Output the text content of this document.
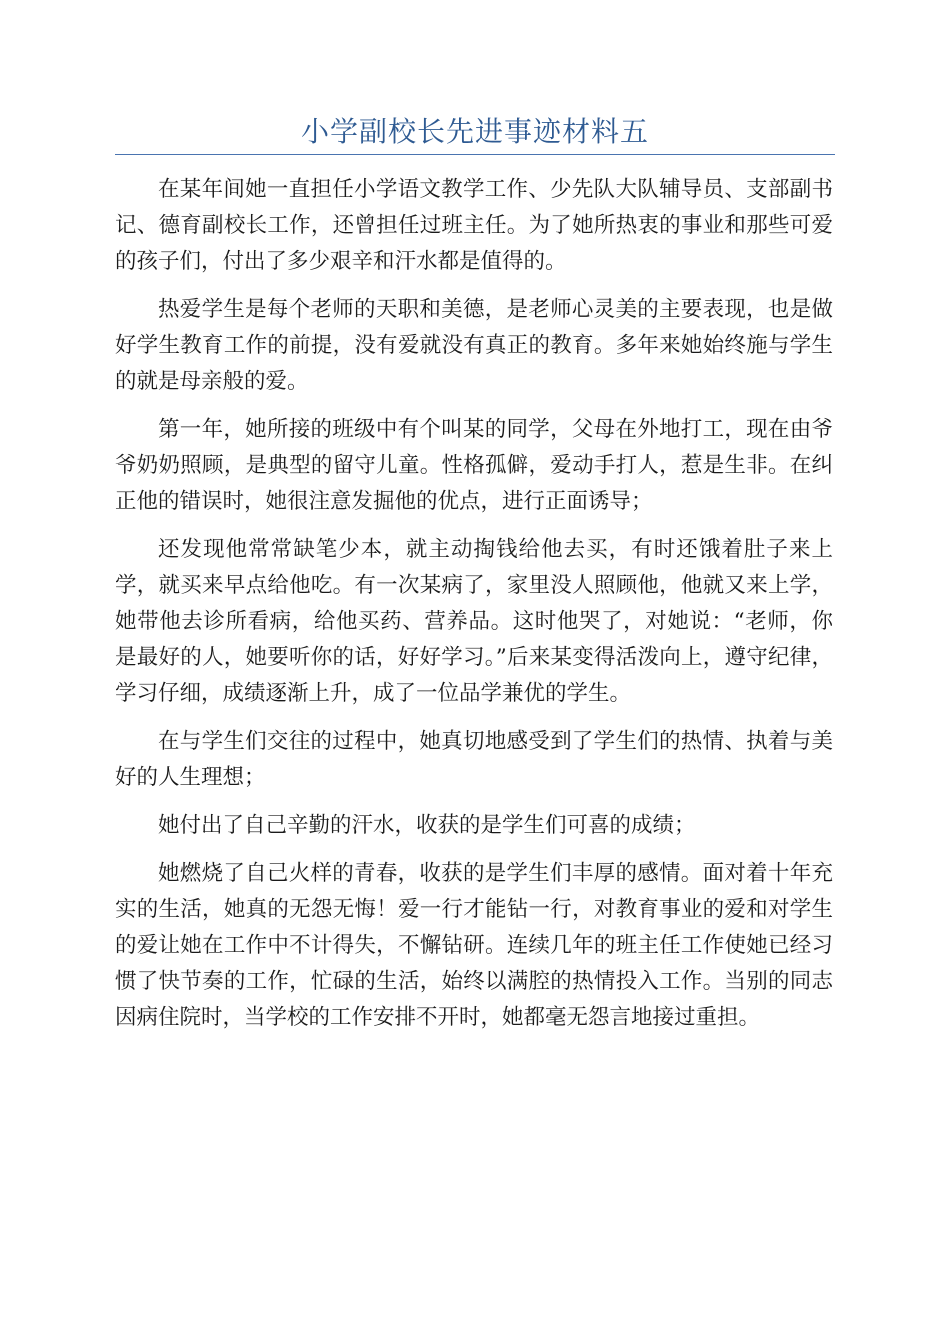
小学副校长先进事迹材料五

在某年间她一直担任小学语文教学工作、少先队大队辅导员、支部副书记、德育副校长工作，还曾担任过班主任。为了她所热衷的事业和那些可爱的孩子们，付出了多少艰辛和汗水都是值得的。

热爱学生是每个老师的天职和美德，是老师心灵美的主要表现，也是做好学生教育工作的前提，没有爱就没有真正的教育。多年来她始终施与学生的就是母亲般的爱。

第一年，她所接的班级中有个叫某的同学，父母在外地打工，现在由爷爷奶奶照顾，是典型的留守儿童。性格孤僻，爱动手打人，惹是生非。在纠正他的错误时，她很注意发掘他的优点，进行正面诱导；

还发现他常常缺笔少本，就主动掏钱给他去买，有时还饿着肚子来上学，就买来早点给他吃。有一次某病了，家里没人照顾他，他就又来上学，她带他去诊所看病，给他买药、营养品。这时他哭了，对她说：“老师，你是最好的人，她要听你的话，好好学习。”后来某变得活泼向上，遵守纪律，学习仔细，成绩逐渐上升，成了一位品学兼优的学生。

在与学生们交往的过程中，她真切地感受到了学生们的热情、执着与美好的人生理想；

她付出了自己辛勤的汗水，收获的是学生们可喜的成绩；

她燃烧了自己火样的青春，收获的是学生们丰厚的感情。面对着十年充实的生活，她真的无怨无悔！爱一行才能钻一行，对教育事业的爱和对学生的爱让她在工作中不计得失，不懈钻研。连续几年的班主任工作使她已经习惯了快节奏的工作，忙碌的生活，始终以满腔的热情投入工作。当别的同志因病住院时，当学校的工作安排不开时，她都毫无怨言地接过重担。
